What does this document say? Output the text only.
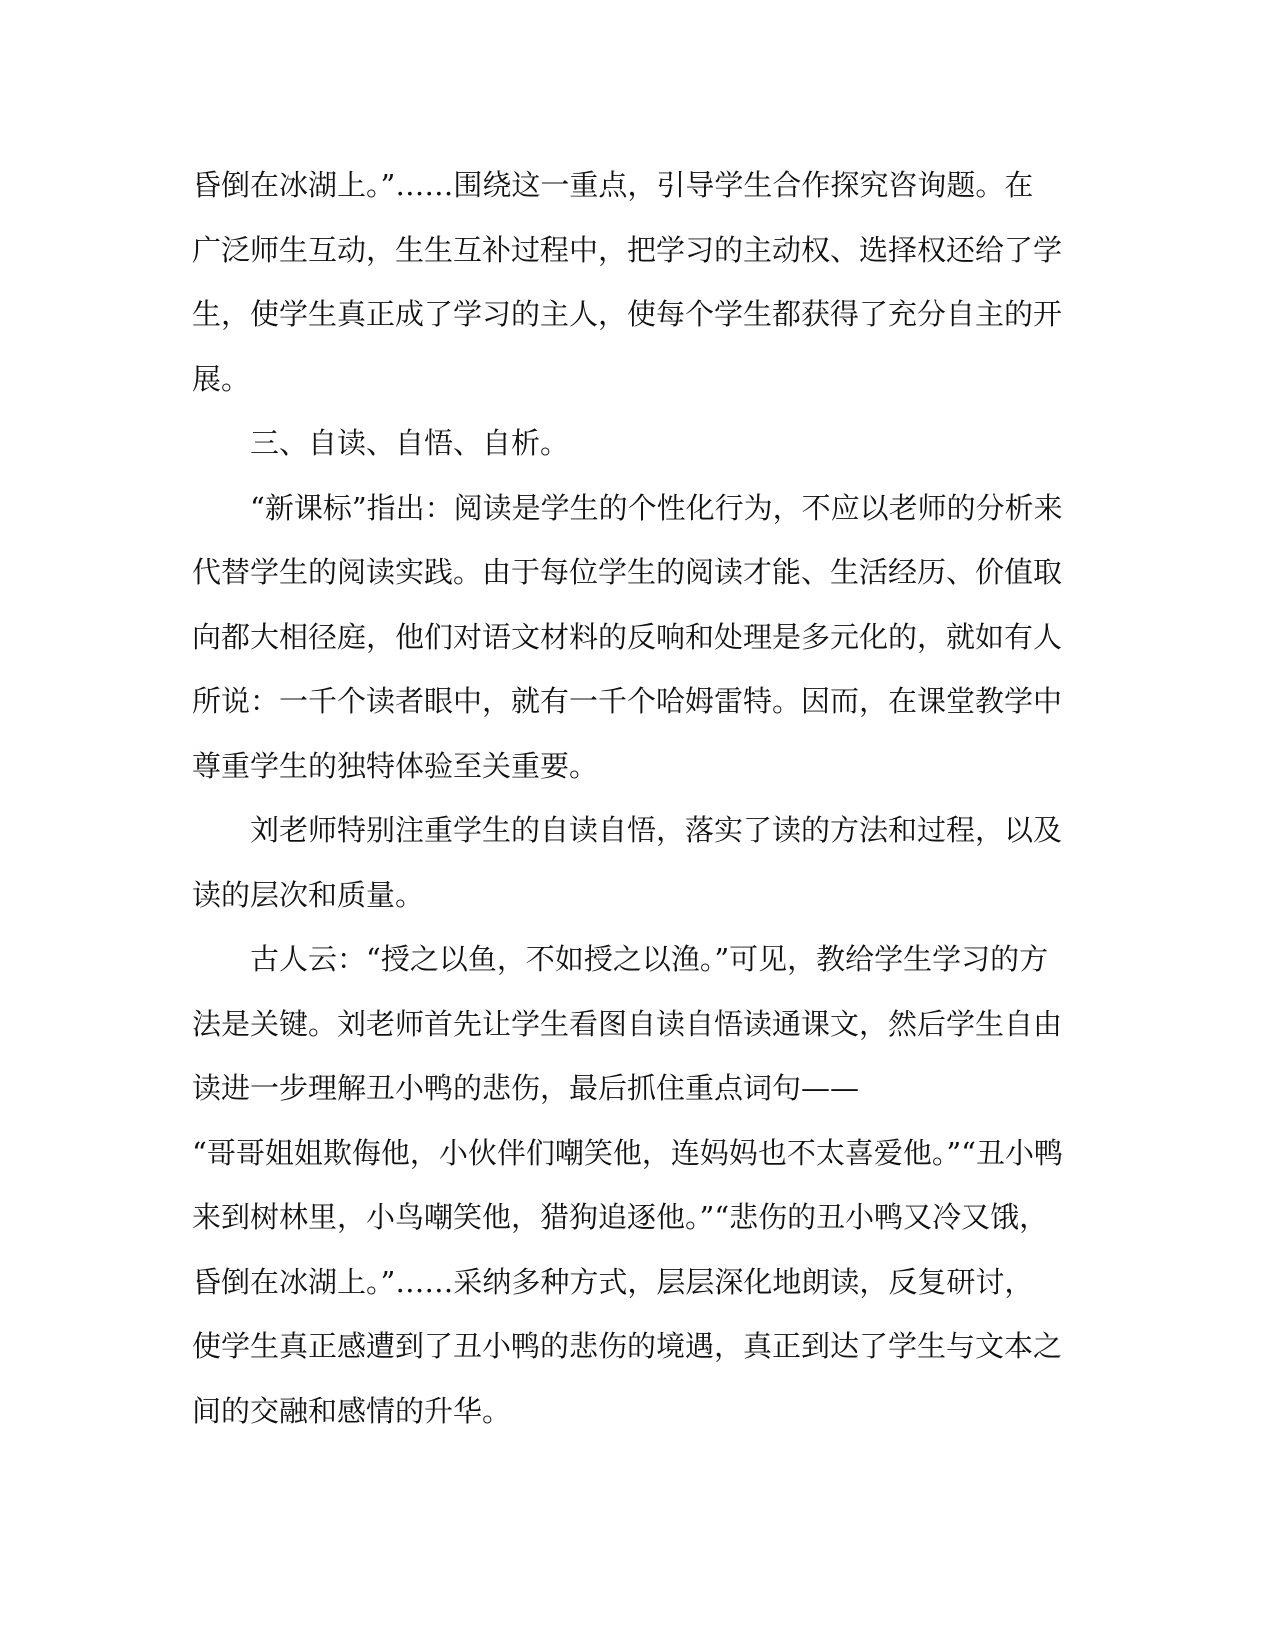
昏倒在冰湖上。”……围绕这一重点，引导学生合作探究咨询题。在
广泛师生互动，生生互补过程中，把学习的主动权、选择权还给了学
生，使学生真正成了学习的主人，使每个学生都获得了充分自主的开
展。
三、自读、自悟、自析。
“新课标”指出：阅读是学生的个性化行为，不应以老师的分析来
代替学生的阅读实践。由于每位学生的阅读才能、生活经历、价值取
向都大相径庭，他们对语文材料的反响和处理是多元化的，就如有人
所说：一千个读者眼中，就有一千个哈姆雷特。因而，在课堂教学中
尊重学生的独特体验至关重要。
刘老师特别注重学生的自读自悟，落实了读的方法和过程，以及
读的层次和质量。
古人云：“授之以鱼，不如授之以渔。”可见，教给学生学习的方
法是关键。刘老师首先让学生看图自读自悟读通课文，然后学生自由
读进一步理解丑小鸭的悲伤，最后抓住重点词句——
“哥哥姐姐欺侮他，小伙伴们嘲笑他，连妈妈也不太喜爱他。”“丑小鸭
来到树林里，小鸟嘲笑他，猎狗追逐他。”“悲伤的丑小鸭又冷又饿，
昏倒在冰湖上。”……采纳多种方式，层层深化地朗读，反复研讨，
使学生真正感遭到了丑小鸭的悲伤的境遇，真正到达了学生与文本之
间的交融和感情的升华。
